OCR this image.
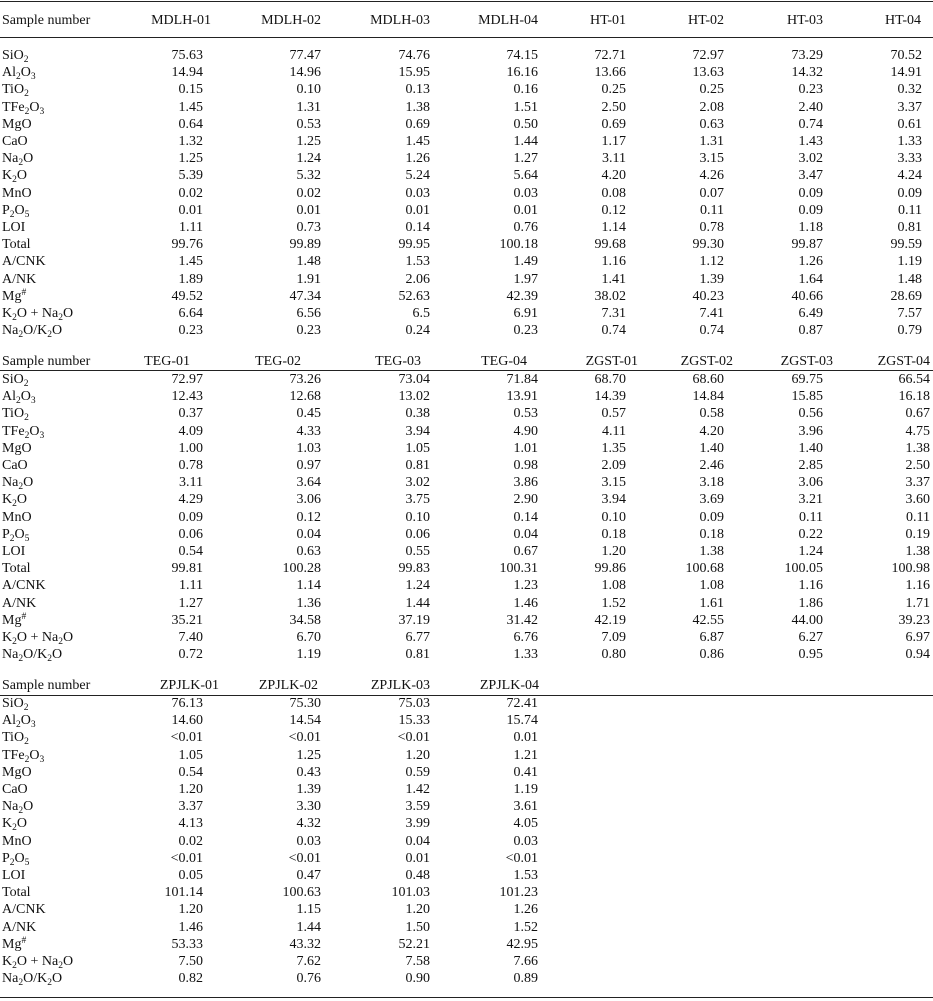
Sample number	MDLH-01	MDLH-02	MDLH-03	MDLH-04	HT-01	HT-02	HT-03	HT-04
SiO$_2$	75.63	77.47	74.76	74.15	72.71	72.97	73.29	70.52
$Al_2O_3$	14.94	14.96	15.95	16.16	13.66	13.63	14.32	14.91
TiO$_2$	0.15	0.10	0.13	0.16	0.25	0.25	0.23	0.32
$TFe_2O_3$	1.45	1.31	1.38	1.51	2.50	2.08	2.40	3.37
MgO	0.64	0.53	0.69	0.50	0.69	0.63	0.74	0.61
CaO	1.32	1.25	1.45	1.44	1.17	1.31	1.43	1.33
$Na_2O$	1.25	1.24	1.26	1.27	3.11	3.15	3.02	3.33
$K_2O$	5.39	5.32	5.24	5.64	4.20	4.26	3.47	4.24
MnO	0.02	0.02	0.03	0.03	0.08	0.07	0.09	0.09
$P_2O_5$	0.01	0.01	0.01	0.01	0.12	0.11	0.09	0.11
LOI	1.11	0.73	0.14	0.76	1.14	0.78	1.18	0.81
Total	99.76	99.89	99.95	100.18	99.68	99.30	99.87	99.59
A/CNK	1.45	1.48	1.53	1.49	1.16	1.12	1.26	1.19
A/NK	1.89	1.91	2.06	1.97	1.41	1.39	1.64	1.48
Mg#	49.52	47.34	52.63	42.39	38.02	40.23	40.66	28.69
$K_2O + Na_2O$	6.64	6.56	6.5	6.91	7.31	7.41	6.49	7.57
$Na_2O/K_2O$	0.23	0.23	0.24	0.23	0.74	0.74	0.87	0.79
Sample number	TEG-01	TEG-02	TEG-03	TEG-04	ZGST-01	ZGST-02	ZGST-03	ZGST-04
SiO$_2$	72.97	73.26	73.04	71.84	68.70	68.60	69.75	66.54
$Al_2O_3$	12.43	12.68	13.02	13.91	14.39	14.84	15.85	16.18
TiO$_2$	0.37	0.45	0.38	0.53	0.57	0.58	0.56	0.67
$TFe_2O_3$	4.09	4.33	3.94	4.90	4.11	4.20	3.96	4.75
MgO	1.00	1.03	1.05	1.01	1.35	1.40	1.40	1.38
CaO	0.78	0.97	0.81	0.98	2.09	2.46	2.85	2.50
$Na_2O$	3.11	3.64	3.02	3.86	3.15	3.18	3.06	3.37
$K_2O$	4.29	3.06	3.75	2.90	3.94	3.69	3.21	3.60
MnO	0.09	0.12	0.10	0.14	0.10	0.09	0.11	0.11
$P_2O_5$	0.06	0.04	0.06	0.04	0.18	0.18	0.22	0.19
LOI	0.54	0.63	0.55	0.67	1.20	1.38	1.24	1.38
Total	99.81	100.28	99.83	100.31	99.86	100.68	100.05	100.98
A/CNK	1.11	1.14	1.24	1.23	1.08	1.08	1.16	1.16
A/NK	1.27	1.36	1.44	1.46	1.52	1.61	1.86	1.71
Mg#	35.21	34.58	37.19	31.42	42.19	42.55	44.00	39.23
$K_2O + Na_2O$	7.40	6.70	6.77	6.76	7.09	6.87	6.27	6.97
$Na_2O/K_2O$	0.72	1.19	0.81	1.33	0.80	0.86	0.95	0.94
Sample number	ZPJLK-01	ZPJLK-02	ZPJLK-03	ZPJLK-04
SiO$_2$	76.13	75.30	75.03	72.41
$Al_2O_3$	14.60	14.54	15.33	15.74
TiO$_2$	<0.01	<0.01	<0.01	0.01
$TFe_2O_3$	1.05	1.25	1.20	1.21
MgO	0.54	0.43	0.59	0.41
CaO	1.20	1.39	1.42	1.19
$Na_2O$	3.37	3.30	3.59	3.61
$K_2O$	4.13	4.32	3.99	4.05
MnO	0.02	0.03	0.04	0.03
$P_2O_5$	<0.01	<0.01	0.01	<0.01
LOI	0.05	0.47	0.48	1.53
Total	101.14	100.63	101.03	101.23
A/CNK	1.20	1.15	1.20	1.26
A/NK	1.46	1.44	1.50	1.52
Mg#	53.33	43.32	52.21	42.95
$K_2O + Na_2O$	7.50	7.62	7.58	7.66
$Na_2O/K_2O$	0.82	0.76	0.90	0.89
